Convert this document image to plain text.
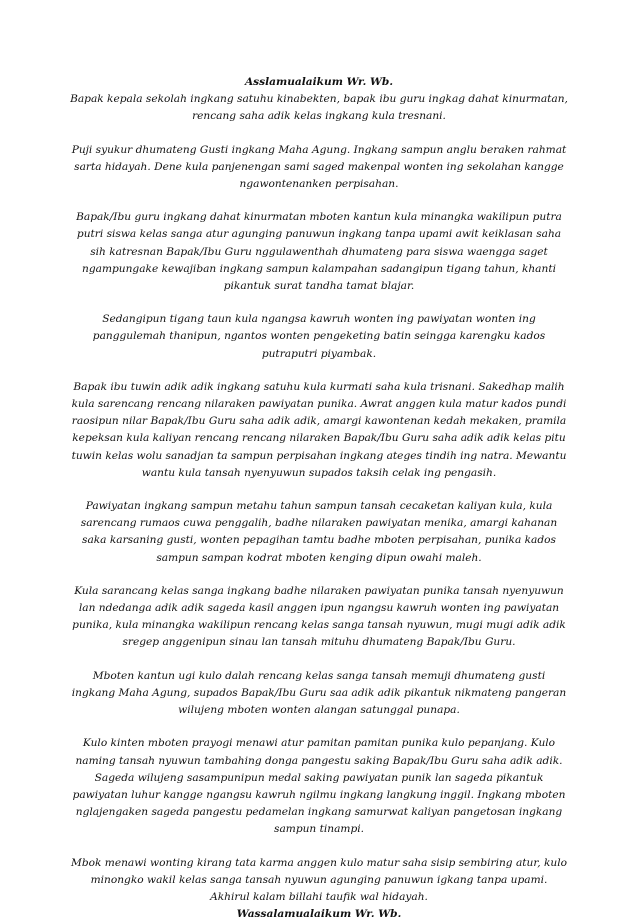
Asslamualaikum Wr. Wb.

Bapak kepala sekolah ingkang satuhu kinabekten, bapak ibu guru ingkag dahat kinurmatan, rencang saha adik kelas ingkang kula tresnani.

Puji syukur dhumateng Gusti ingkang Maha Agung. Ingkang sampun anglu beraken rahmat sarta hidayah. Dene kula panjenengan sami saged makenpal wonten ing sekolahan kangge ngawontenanken perpisahan.

Bapak/Ibu guru ingkang dahat kinurmatan mboten kantun kula minangka wakilipun putra putri siswa kelas sanga atur agunging panuwun ingkang tanpa upami awit keiklasan saha sih katresnan Bapak/Ibu Guru nggulawenthah dhumateng para siswa waengga saget ngampungake kewajiban ingkang sampun kalampahan sadangipun tigang tahun, khanti pikantuk surat tandha tamat blajar.

Sedangipun tigang taun kula ngangsa kawruh wonten ing pawiyatan wonten ing panggulemah thanipun, ngantos wonten pengeketing batin seingga karengku kados putraputri piyambak.

Bapak ibu tuwin adik adik ingkang satuhu kula kurmati saha kula trisnani. Sakedhap malih kula sarencang rencang nilaraken pawiyatan punika. Awrat anggen kula matur kados pundi raosipun nilar Bapak/Ibu Guru saha adik adik, amargi kawontenan kedah mekaken, pramila kepeksan kula kaliyan rencang rencang nilaraken Bapak/Ibu Guru saha adik adik kelas pitu tuwin kelas wolu sanadjan ta sampun perpisahan ingkang ateges tindih ing natra. Mewantu wantu kula tansah nyenyuwun supados taksih celak ing pengasih.

Pawiyatan ingkang sampun metahu tahun sampun tansah cecaketan kaliyan kula, kula sarencang rumaos cuwa penggalih, badhe nilaraken pawiyatan menika, amargi kahanan saka karsaning gusti, wonten pepagihan tamtu badhe mboten perpisahan, punika kados sampun sampan kodrat mboten kenging dipun owahi maleh.

Kula sarancang kelas sanga ingkang badhe nilaraken pawiyatan punika tansah nyenyuwun lan ndedanga adik adik sageda kasil anggen ipun ngangsu kawruh wonten ing pawiyatan punika, kula minangka wakilipun rencang kelas sanga tansah nyuwun, mugi mugi adik adik sregep anggenipun sinau lan tansah mituhu dhumateng Bapak/Ibu Guru.

Mboten kantun ugi kulo dalah rencang kelas sanga tansah memuji dhumateng gusti ingkang Maha Agung, supados Bapak/Ibu Guru saa adik adik pikantuk nikmateng pangeran wilujeng mboten wonten alangan satunggal punapa.

Kulo kinten mboten prayogi menawi atur pamitan pamitan punika kulo pepanjang. Kulo naming tansah nyuwun tambahing donga pangestu saking Bapak/Ibu Guru saha adik adik. Sageda wilujeng sasampunipun medal saking pawiyatan punik lan sageda pikantuk pawiyatan luhur kangge ngangsu kawruh ngilmu ingkang langkung inggil. Ingkang mboten nglajengaken sageda pangestu pedamelan ingkang samurwat kaliyan pangetosan ingkang sampun tinampi.

Mbok menawi wonting kirang tata karma anggen kulo matur saha sisip sembiring atur, kulo minongko wakil kelas sanga tansah nyuwun agunging panuwun igkang tanpa upami.

Akhirul kalam billahi taufik wal hidayah.

Wassalamualaikum Wr. Wb.
